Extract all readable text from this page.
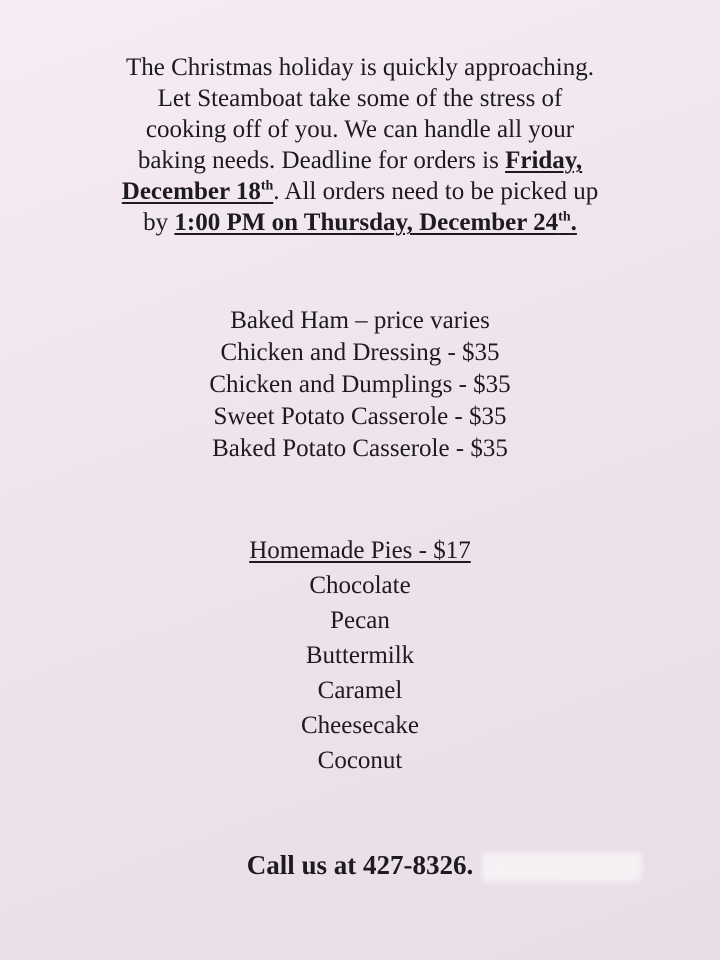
The Christmas holiday is quickly approaching.
Let Steamboat take some of the stress of
cooking off of you. We can handle all your
baking needs. Deadline for orders is Friday,
December 18th. All orders need to be picked up
by 1:00 PM on Thursday, December 24th.
Baked Ham – price varies
Chicken and Dressing - $35
Chicken and Dumplings - $35
Sweet Potato Casserole - $35
Baked Potato Casserole - $35
Homemade Pies - $17
Chocolate
Pecan
Buttermilk
Caramel
Cheesecake
Coconut
Call us at 427-8326.
